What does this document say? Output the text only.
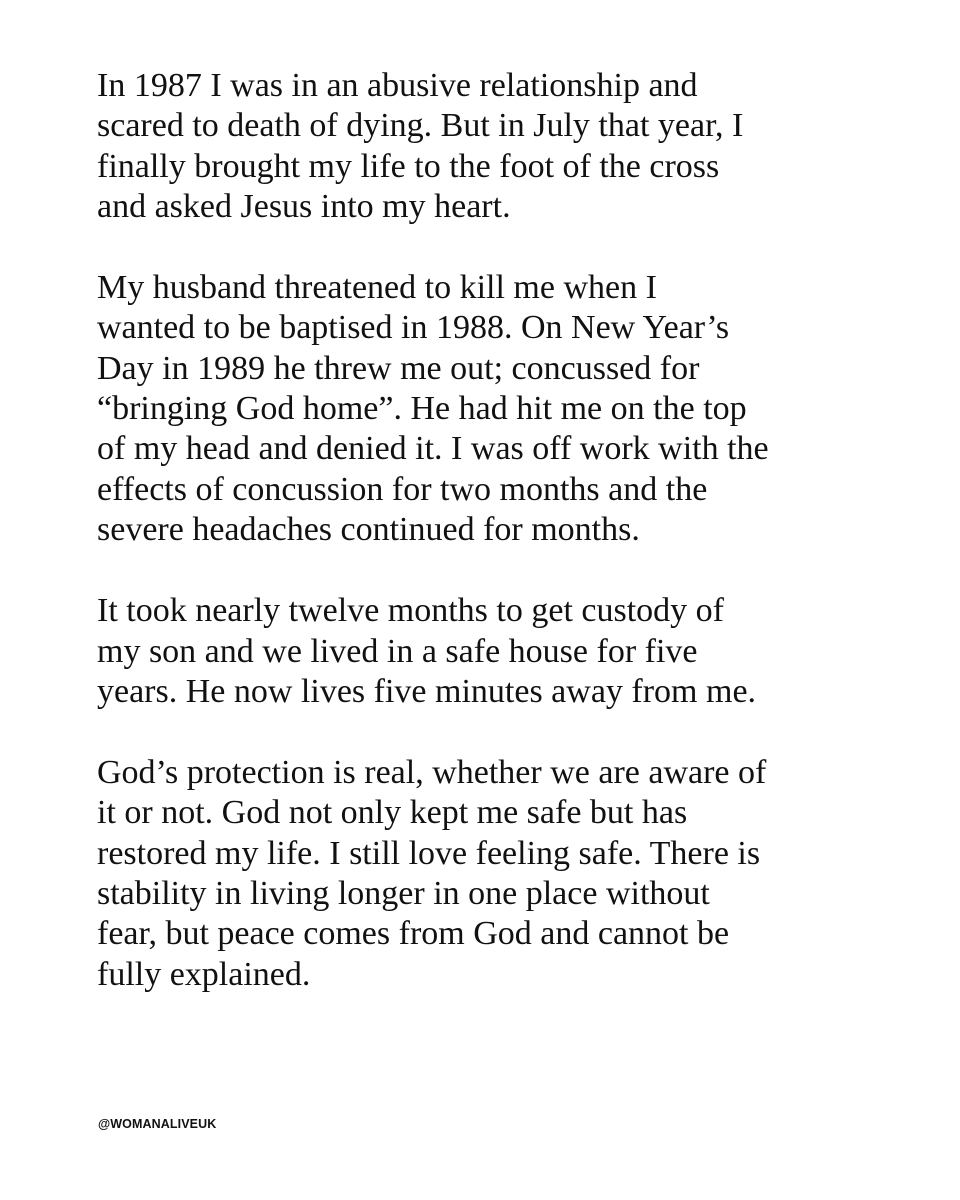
In 1987 I was in an abusive relationship and
scared to death of dying. But in July that year, I
finally brought my life to the foot of the cross
and asked Jesus into my heart.

My husband threatened to kill me when I
wanted to be baptised in 1988. On New Year’s
Day in 1989 he threw me out; concussed for
“bringing God home”. He had hit me on the top
of my head and denied it. I was off work with the
effects of concussion for two months and the
severe headaches continued for months.

It took nearly twelve months to get custody of
my son and we lived in a safe house for five
years. He now lives five minutes away from me.

God’s protection is real, whether we are aware of
it or not. God not only kept me safe but has
restored my life. I still love feeling safe. There is
stability in living longer in one place without
fear, but peace comes from God and cannot be
fully explained.

@WOMANALIVEUK
